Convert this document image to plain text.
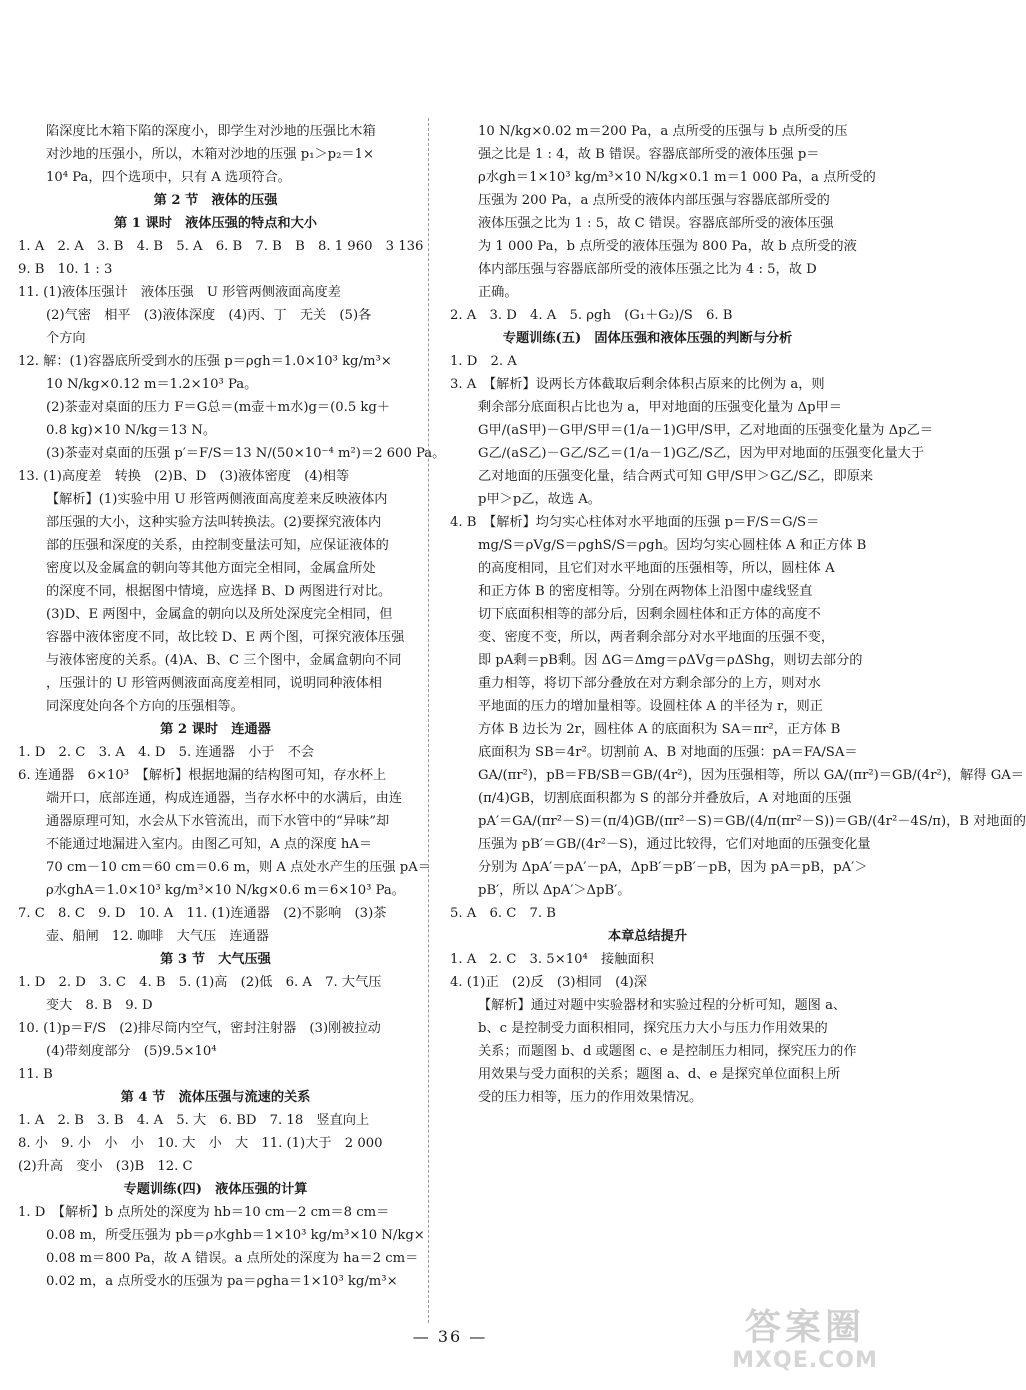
陷深度比木箱下陷的深度小，即学生对沙地的压强比木箱
对沙地的压强小，所以，木箱对沙地的压强 p₁＞p₂＝1×
10⁴ Pa，四个选项中，只有 A 选项符合。
第 2 节　液体的压强
第 1 课时　液体压强的特点和大小
1. A　2. A　3. B　4. B　5. A　6. B　7. B　B　8. 1 960　3 136
9. B　10. 1 : 3
11. (1)液体压强计　液体压强　U 形管两侧液面高度差
(2)气密　相平　(3)液体深度　(4)丙、丁　无关　(5)各
个方向
12. 解：(1)容器底所受到水的压强 p＝ρgh＝1.0×10³ kg/m³×
10 N/kg×0.12 m＝1.2×10³ Pa。
(2)茶壶对桌面的压力 F＝G总＝(m壶＋m水)g＝(0.5 kg＋
0.8 kg)×10 N/kg＝13 N。
(3)茶壶对桌面的压强 p′＝F/S＝13 N/(50×10⁻⁴ m²)＝2 600 Pa。
13. (1)高度差　转换　(2)B、D　(3)液体密度　(4)相等
【解析】(1)实验中用 U 形管两侧液面高度差来反映液体内
部压强的大小，这种实验方法叫转换法。(2)要探究液体内
部的压强和深度的关系，由控制变量法可知，应保证液体的
密度以及金属盒的朝向等其他方面完全相同，金属盒所处
的深度不同，根据图中情境，应选择 B、D 两图进行对比。
(3)D、E 两图中，金属盒的朝向以及所处深度完全相同，但
容器中液体密度不同，故比较 D、E 两个图，可探究液体压强
与液体密度的关系。(4)A、B、C 三个图中，金属盒朝向不同
，压强计的 U 形管两侧液面高度差相同，说明同种液体相
同深度处向各个方向的压强相等。
第 2 课时　连通器
1. D　2. C　3. A　4. D　5. 连通器　小于　不会
6. 连通器　6×10³　【解析】根据地漏的结构图可知，存水杯上
端开口，底部连通，构成连通器，当存水杯中的水满后，由连
通器原理可知，水会从下水管流出，而下水管中的“异味”却
不能通过地漏进入室内。由图乙可知，A 点的深度 hA＝
70 cm－10 cm＝60 cm＝0.6 m，则 A 点处水产生的压强 pA＝
ρ水ghA＝1.0×10³ kg/m³×10 N/kg×0.6 m＝6×10³ Pa。
7. C　8. C　9. D　10. A　11. (1)连通器　(2)不影响　(3)茶
壶、船闸　12. 咖啡　大气压　连通器
第 3 节　大气压强
1. D　2. D　3. C　4. B　5. (1)高　(2)低　6. A　7. 大气压
变大　8. B　9. D
10. (1)p＝F/S　(2)排尽筒内空气，密封注射器　(3)刚被拉动
(4)带刻度部分　(5)9.5×10⁴
11. B
第 4 节　流体压强与流速的关系
1. A　2. B　3. B　4. A　5. 大　6. BD　7. 18　竖直向上
8. 小　9. 小　小　小　10. 大　小　大　11. (1)大于　2 000
(2)升高　变小　(3)B　12. C
专题训练(四)　液体压强的计算
1. D　【解析】b 点所处的深度为 hb＝10 cm－2 cm＝8 cm＝
0.08 m，所受压强为 pb＝ρ水ghb＝1×10³ kg/m³×10 N/kg×
0.08 m＝800 Pa，故 A 错误。a 点所处的深度为 ha＝2 cm＝
0.02 m，a 点所受水的压强为 pa＝ρgha＝1×10³ kg/m³×
10 N/kg×0.02 m＝200 Pa，a 点所受的压强与 b 点所受的压
强之比是 1 : 4，故 B 错误。容器底部所受的液体压强 p＝
ρ水gh＝1×10³ kg/m³×10 N/kg×0.1 m＝1 000 Pa，a 点所受的
压强为 200 Pa，a 点所受的液体内部压强与容器底部所受的
液体压强之比为 1 : 5，故 C 错误。容器底部所受的液体压强
为 1 000 Pa，b 点所受的液体压强为 800 Pa，故 b 点所受的液
体内部压强与容器底部所受的液体压强之比为 4 : 5，故 D
正确。
2. A　3. D　4. A　5. ρgh　(G₁＋G₂)/S　6. B
专题训练(五)　固体压强和液体压强的判断与分析
1. D　2. A
3. A　【解析】设两长方体截取后剩余体积占原来的比例为 a，则
剩余部分底面积占比也为 a，甲对地面的压强变化量为 Δp甲＝
G甲/(aS甲)－G甲/S甲＝(1/a－1)G甲/S甲，乙对地面的压强变化量为 Δp乙＝
G乙/(aS乙)－G乙/S乙＝(1/a－1)G乙/S乙，因为甲对地面的压强变化量大于
乙对地面的压强变化量，结合两式可知 G甲/S甲＞G乙/S乙，即原来
p甲＞p乙，故选 A。
4. B　【解析】均匀实心柱体对水平地面的压强 p＝F/S＝G/S＝
mg/S＝ρVg/S＝ρghS/S＝ρgh。因均匀实心圆柱体 A 和正方体 B
的高度相同，且它们对水平地面的压强相等，所以，圆柱体 A
和正方体 B 的密度相等。分别在两物体上沿图中虚线竖直
切下底面积相等的部分后，因剩余圆柱体和正方体的高度不
变、密度不变，所以，两者剩余部分对水平地面的压强不变，
即 pA剩＝pB剩。因 ΔG＝Δmg＝ρΔVg＝ρΔShg，则切去部分的
重力相等，将切下部分叠放在对方剩余部分的上方，则对水
平地面的压力的增加量相等。设圆柱体 A 的半径为 r，则正
方体 B 边长为 2r，圆柱体 A 的底面积为 SA＝πr²，正方体 B
底面积为 SB＝4r²。切割前 A、B 对地面的压强：pA＝FA/SA＝
GA/(πr²)，pB＝FB/SB＝GB/(4r²)，因为压强相等，所以 GA/(πr²)＝GB/(4r²)，解得 GA＝
(π/4)GB，切割底面积都为 S 的部分并叠放后，A 对地面的压强
pA′＝GA/(πr²－S)＝(π/4)GB/(πr²－S)＝GB/(4/π(πr²－S))＝GB/(4r²－4S/π)，B 对地面的
压强为 pB′＝GB/(4r²－S)，通过比较得，它们对地面的压强变化量
分别为 ΔpA′＝pA′－pA，ΔpB′＝pB′－pB，因为 pA＝pB，pA′＞
pB′，所以 ΔpA′＞ΔpB′。
5. A　6. C　7. B
本章总结提升
1. A　2. C　3. 5×10⁴　接触面积
4. (1)正　(2)反　(3)相同　(4)深
【解析】通过对题中实验器材和实验过程的分析可知，题图 a、
b、c 是控制受力面积相同，探究压力大小与压力作用效果的
关系；而题图 b、d 或题图 c、e 是控制压力相同，探究压力的作
用效果与受力面积的关系；题图 a、d、e 是探究单位面积上所
受的压力相等，压力的作用效果情况。
— 36 —	答案圈
MXQE.COM
